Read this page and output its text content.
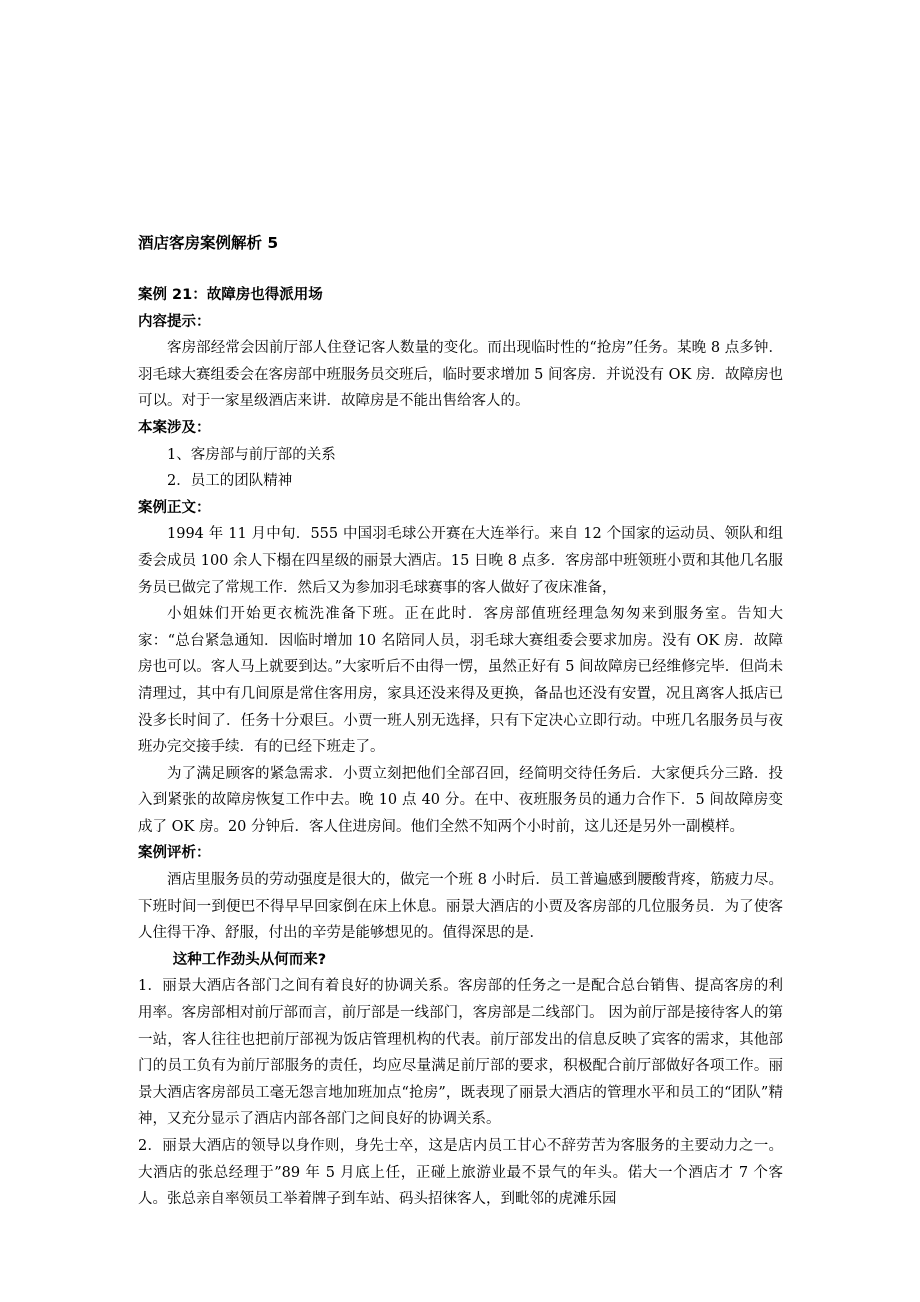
酒店客房案例解析 5

案例 21：故障房也得派用场

内容提示：

客房部经常会因前厅部人住登记客人数量的变化。而出现临时性的“抢房”任务。某晚 8 点多钟．羽毛球大赛组委会在客房部中班服务员交班后，临时要求增加 5 间客房．并说没有 OK 房．故障房也可以。对于一家星级酒店来讲．故障房是不能出售给客人的。

本案涉及：

1、客房部与前厅部的关系

2．员工的团队精神

案例正文：

1994 年 11 月中旬．555 中国羽毛球公开赛在大连举行。来自 12 个国家的运动员、领队和组委会成员 100 余人下榻在四星级的丽景大酒店。15 日晚 8 点多．客房部中班领班小贾和其他几名服务员已做完了常规工作．然后又为参加羽毛球赛事的客人做好了夜床准备，

小姐妹们开始更衣梳洗准备下班。正在此时．客房部值班经理急匆匆来到服务室。告知大家：“总台紧急通知．因临时增加 10 名陪同人员，羽毛球大赛组委会要求加房。没有 OK 房．故障房也可以。客人马上就要到达。”大家听后不由得一愣，虽然正好有 5 间故障房已经维修完毕．但尚未清理过，其中有几间原是常住客用房，家具还没来得及更换，备品也还没有安置，况且离客人抵店已没多长时间了．任务十分艰巨。小贾一班人别无选择，只有下定决心立即行动。中班几名服务员与夜班办完交接手续．有的已经下班走了。

为了满足顾客的紧急需求．小贾立刻把他们全部召回，经简明交待任务后．大家便兵分三路．投入到紧张的故障房恢复工作中去。晚 10 点 40 分。在中、夜班服务员的通力合作下．5 间故障房变成了 OK 房。20 分钟后．客人住进房间。他们全然不知两个小时前，这儿还是另外一副模样。

案例评析：

酒店里服务员的劳动强度是很大的，做完一个班 8 小时后．员工普遍感到腰酸背疼，筋疲力尽。下班时间一到便巴不得早早回家倒在床上休息。丽景大酒店的小贾及客房部的几位服务员．为了使客人住得干净、舒服，付出的辛劳是能够想见的。值得深思的是．

这种工作劲头从何而来?

1．丽景大酒店各部门之间有着良好的协调关系。客房部的任务之一是配合总台销售、提高客房的利用率。客房部相对前厅部而言，前厅部是一线部门，客房部是二线部门。 因为前厅部是接待客人的第一站，客人往往也把前厅部视为饭店管理机构的代表。前厅部发出的信息反映了宾客的需求，其他部门的员工负有为前厅部服务的责任，均应尽量满足前厅部的要求，积极配合前厅部做好各项工作。丽景大酒店客房部员工毫无怨言地加班加点“抢房”，既表现了丽景大酒店的管理水平和员工的“团队”精神，又充分显示了酒店内部各部门之间良好的协调关系。

2．丽景大酒店的领导以身作则，身先士卒，这是店内员工甘心不辞劳苦为客服务的主要动力之一。大酒店的张总经理于”89 年 5 月底上任，正碰上旅游业最不景气的年头。偌大一个酒店才 7 个客人。张总亲自率领员工举着牌子到车站、码头招徕客人，到毗邻的虎滩乐园
